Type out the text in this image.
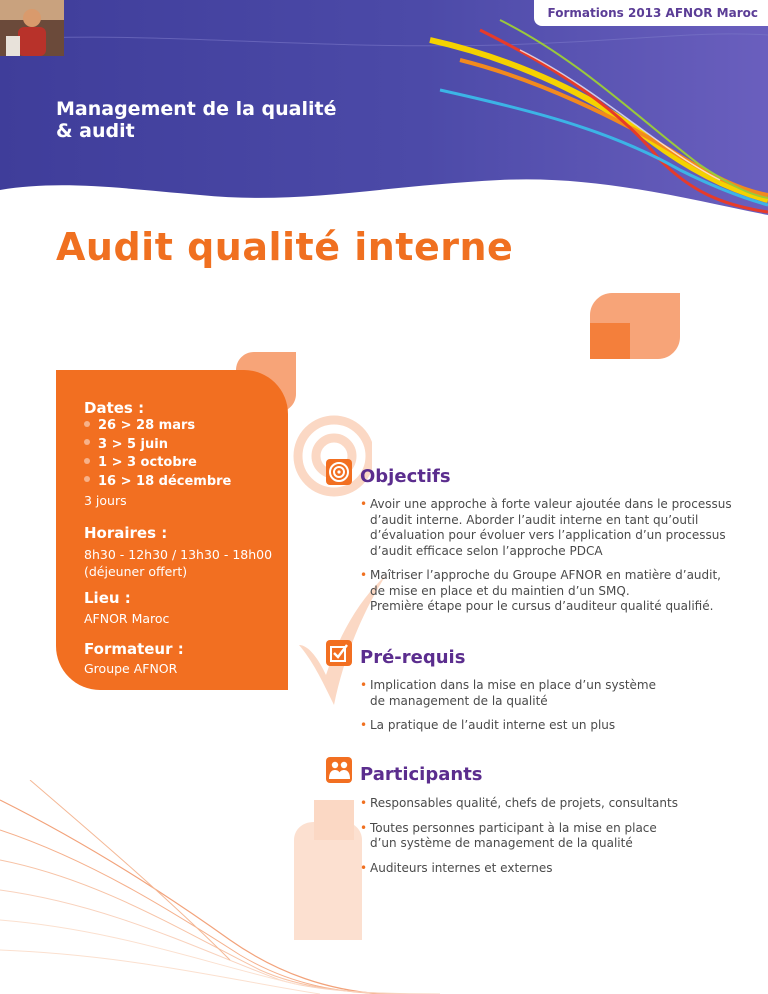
Formations 2013 AFNOR Maroc
Management de la qualité
& audit
Audit qualité interne
Dates :
26 > 28 mars
3 > 5 juin
1 > 3 octobre
16 > 18 décembre
3 jours
Horaires :
8h30 - 12h30 / 13h30 - 18h00
(déjeuner offert)
Lieu :
AFNOR Maroc
Formateur :
Groupe AFNOR
Objectifs
• Avoir une approche à forte valeur ajoutée dans le processus
d’audit interne. Aborder l’audit interne en tant qu’outil
d’évaluation pour évoluer vers l’application d’un processus
d’audit efficace selon l’approche PDCA
• Maîtriser l’approche du Groupe AFNOR en matière d’audit,
de mise en place et du maintien d’un SMQ.
Première étape pour le cursus d’auditeur qualité qualifié.
Pré-requis
• Implication dans la mise en place d’un système
de management de la qualité
• La pratique de l’audit interne est un plus
Participants
• Responsables qualité, chefs de projets, consultants
• Toutes personnes participant à la mise en place
d’un système de management de la qualité
• Auditeurs internes et externes
